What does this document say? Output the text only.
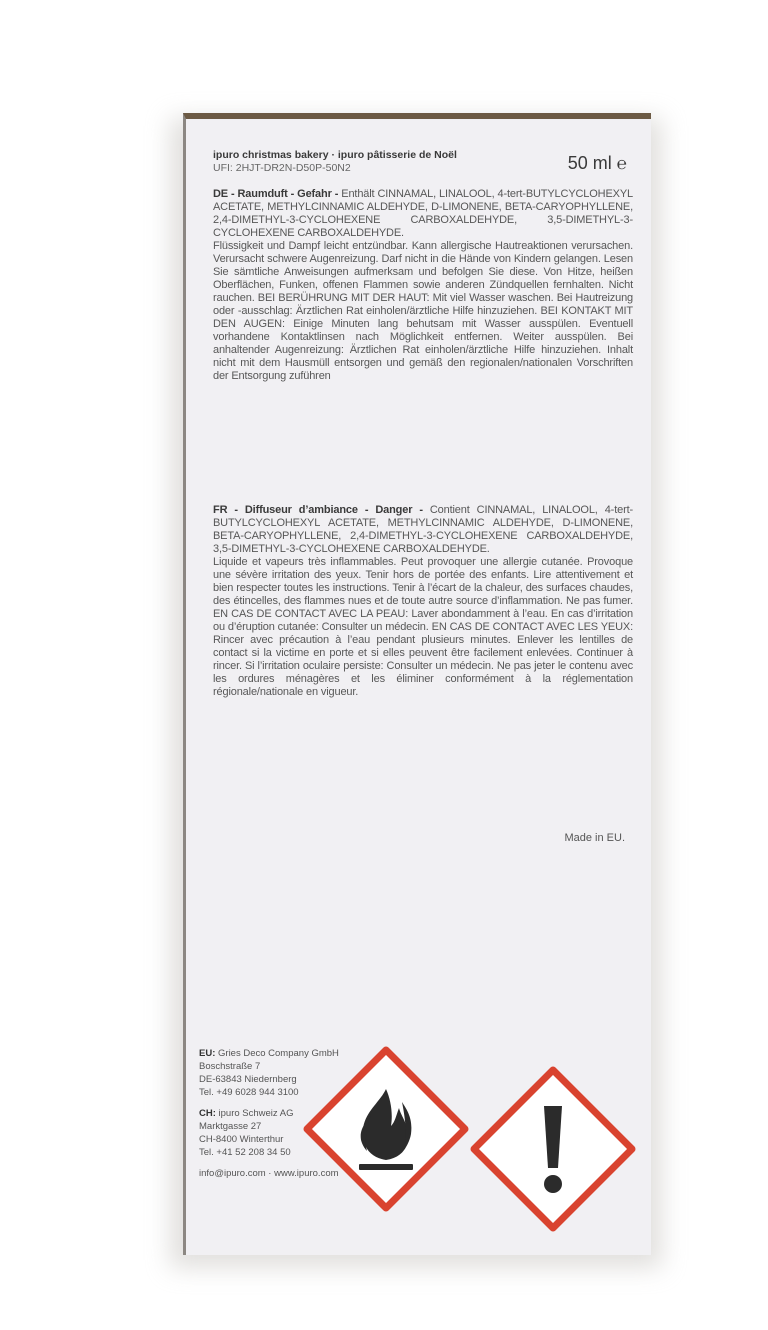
ipuro christmas bakery · ipuro pâtisserie de Noël
UFI: 2HJT-DR2N-D50P-50N2	50 ml ℮

DE - Raumduft - Gefahr - Enthält CINNAMAL, LINALOOL, 4-tert-BUTYLCYCLOHEXYL ACETATE, METHYLCINNAMIC ALDEHYDE, D-LIMONENE, BETA-CARYOPHYLLENE, 2,4-DIMETHYL-3-CYCLOHEXENE CARBOXALDEHYDE, 3,5-DIMETHYL-3-CYCLOHEXENE CARBOXALDEHYDE.

Flüssigkeit und Dampf leicht entzündbar. Kann allergische Hautreaktionen verursachen. Verursacht schwere Augenreizung. Darf nicht in die Hände von Kindern gelangen. Lesen Sie sämtliche Anweisungen aufmerksam und befolgen Sie diese. Von Hitze, heißen Oberflächen, Funken, offenen Flammen sowie anderen Zündquellen fernhalten. Nicht rauchen. BEI BERÜHRUNG MIT DER HAUT: Mit viel Wasser waschen. Bei Hautreizung oder -ausschlag: Ärztlichen Rat einholen/ärztliche Hilfe hinzuziehen. BEI KONTAKT MIT DEN AUGEN: Einige Minuten lang behutsam mit Wasser ausspülen. Eventuell vorhandene Kontaktlinsen nach Möglichkeit entfernen. Weiter ausspülen. Bei anhaltender Augenreizung: Ärztlichen Rat einholen/ärztliche Hilfe hinzuziehen. Inhalt nicht mit dem Hausmüll entsorgen und gemäß den regionalen/nationalen Vorschriften der Entsorgung zuführen

FR - Diffuseur d’ambiance - Danger - Contient CINNAMAL, LINALOOL, 4-tert-BUTYLCYCLOHEXYL ACETATE, METHYLCINNAMIC ALDEHYDE, D-LIMONENE, BETA-CARYOPHYLLENE, 2,4-DIMETHYL-3-CYCLOHEXENE CARBOXALDEHYDE, 3,5-DIMETHYL-3-CYCLOHEXENE CARBOXALDEHYDE.

Liquide et vapeurs très inflammables. Peut provoquer une allergie cutanée. Provoque une sévère irritation des yeux. Tenir hors de portée des enfants. Lire attentivement et bien respecter toutes les instructions. Tenir à l’écart de la chaleur, des surfaces chaudes, des étincelles, des flammes nues et de toute autre source d’inflammation. Ne pas fumer. EN CAS DE CONTACT AVEC LA PEAU: Laver abondamment à l’eau. En cas d’irritation ou d’éruption cutanée: Consulter un médecin. EN CAS DE CONTACT AVEC LES YEUX: Rincer avec précaution à l’eau pendant plusieurs minutes. Enlever les lentilles de contact si la victime en porte et si elles peuvent être facilement enlevées. Continuer à rincer. Si l’irritation oculaire persiste: Consulter un médecin. Ne pas jeter le contenu avec les ordures ménagères et les éliminer conformément à la réglementation régionale/nationale en vigueur.

Made in EU.

EU: Gries Deco Company GmbH
Boschstraße 7
DE-63843 Niedernberg
Tel. +49 6028 944 3100

CH: ipuro Schweiz AG
Marktgasse 27
CH-8400 Winterthur
Tel. +41 52 208 34 50

info@ipuro.com · www.ipuro.com
